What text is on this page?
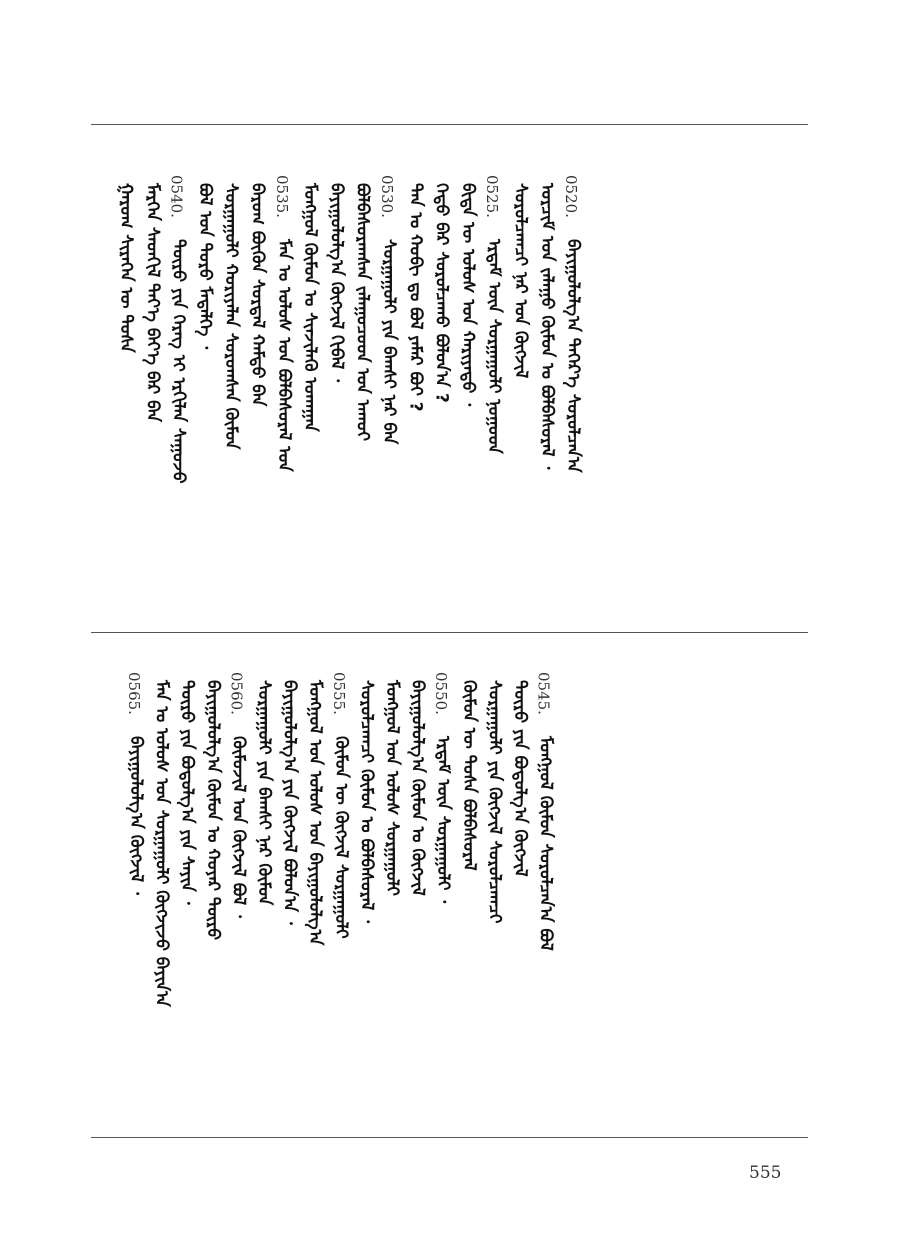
ᠭᠠᠷᠤᠭ ᠰᠢᠷᠡᠭᠡᠨ ᠦ ᠲᠤᠰᠠ ᠮᠡᠷᠭᠡᠨ ᠰᠡᠳᠬᠢᠯ ᠲᠡᠶ᠎ᠡ ᠪᠡᠶ᠎ᠡ ᠪᠡᠷ ᠪᠠᠨ ᠲᠥᠷᠥ ᠶᠢᠨ ᠬᠡᠷᠡᠭ ᠢ ᠡᠷᠬᠢᠯᠡᠨ ᠰᠠᠭᠤᠵᠤ ᠪᠣᠯ ᠤᠨ ᠳᠣᠷᠤ ᠮᠡᠳᠡᠯᠭᠡ ᠂ ᠰᠤᠷᠭᠠᠭᠤᠯᠢ ᠬᠤᠷᠢᠶᠠᠯᠠᠨ ᠰᠤᠷᠤᠭᠰᠠᠨ ᠬᠦᠮᠦᠨ ᠪᠠᠷᠤᠭ ᠪᠦᠬᠦᠨ ᠰᠤᠷᠲᠠᠯ ᠬᠠᠮᠲᠤ ᠪᠠᠨ ᠮᠠᠨ ᠤ ᠤᠯᠤᠰ ᠤᠨ ᠪᠣᠯᠪᠠᠰᠤᠷᠠᠯ ᠤᠨ ᠮᠣᠩᠭᠤᠯ ᠬᠦᠮᠦᠨ ᠤ ᠰᠢᠨᠵᠢᠯᠡᠬᠦ ᠤᠬᠠᠭᠠᠨ ᠪᠠᠶᠢᠭᠤᠯᠤᠯᠭ᠎ᠠ ᠬᠥᠭᠵᠢᠯ ᠬᠢᠪᠡᠯ ᠂ ᠪᠣᠯᠪᠠᠰᠤᠷᠠᠭᠰᠠᠨ ᠵᠠᠯᠠᠭᠤᠴᠤᠳ ᠤᠨ ᠠᠬᠤᠢ ᠰᠤᠷᠭᠠᠭᠤᠯᠢ ᠶᠢᠨ ᠪᠠᠭᠰᠢ ᠨᠠᠷ ᠪᠠᠨ ᠲᠠᠨ ᠤ ᠬᠤᠪᠢ ᠳᠤ ᠪᠣᠯ ᠶᠠᠮᠠᠷ ᠪᠤᠢ ? ᠬᠡᠳᠦ ᠪᠠᠷ ᠰᠤᠷᠤᠯᠴᠠᠬᠤ ᠪᠣᠯᠤᠨ᠎ᠠ ? ᠪᠢᠳᠡ ᠦ ᠤᠯᠤᠰ ᠤᠨ ᠬᠠᠷᠢᠶᠠᠲᠤ ᠂ ᠡᠷᠳᠡᠮ ᠦᠨ ᠰᠤᠷᠭᠠᠭᠤᠯᠢ ᠨᠤᠭᠤᠳ ᠰᠤᠷᠤᠯᠴᠠᠭᠴᠢ ᠨᠠᠷ ᠤᠨ ᠬᠥᠭᠵᠢᠯ ᠣᠷᠴᠢᠮ ᠤᠨ ᠵᠠᠯᠠᠭᠤ ᠬᠦᠮᠦᠨ ᠤ ᠪᠣᠯᠪᠠᠰᠤᠷᠠᠯ ᠂ ᠪᠠᠶᠢᠭᠤᠯᠤᠯᠭ᠎ᠠ ᠳᠡᠭᠡᠷ᠎ᠡ ᠰᠤᠷᠤᠯᠴᠠᠨ᠎ᠠ
0540.	0535.	0530.	0525.	0520.
ᠪᠠᠶᠢᠭᠤᠯᠤᠯᠭ᠎ᠠ ᠬᠥᠭᠵᠢᠯ ᠂ ᠮᠠᠨ ᠤ ᠤᠯᠤᠰ ᠤᠨ ᠰᠤᠷᠭᠠᠭᠤᠯᠢ ᠬᠥᠭᠵᠢᠵᠦ ᠪᠠᠶᠢᠨ᠎ᠠ ᠲᠥᠷᠥ ᠶᠢᠨ ᠪᠣᠳᠤᠯᠭ᠎ᠠ ᠶᠢᠨ ᠰᠠᠶᠢᠨ ᠂ ᠪᠠᠶᠢᠭᠤᠯᠤᠯᠭ᠎ᠠ ᠬᠦᠮᠦᠨ ᠤ ᠬᠣᠶᠠᠷ ᠲᠥᠷᠥ ᠬᠦᠮᠦᠵᠢᠯ ᠤᠨ ᠬᠥᠭᠵᠢᠯ ᠪᠣᠯ ᠂ ᠰᠤᠷᠭᠠᠭᠤᠯᠢ ᠶᠢᠨ ᠪᠠᠭᠰᠢ ᠨᠠᠷ ᠬᠦᠮᠦᠨ ᠪᠠᠶᠢᠭᠤᠯᠤᠯᠭ᠎ᠠ ᠶᠢᠨ ᠬᠥᠭᠵᠢᠯ ᠪᠣᠯᠤᠨ᠎ᠠ ᠂ ᠮᠣᠩᠭᠤᠯ ᠤᠨ ᠤᠯᠤᠰ ᠤᠨ ᠪᠠᠶᠢᠭᠤᠯᠤᠯᠭ᠎ᠠ ᠬᠦᠮᠦᠨ ᠦ ᠬᠥᠭᠵᠢᠯ ᠰᠤᠷᠭᠠᠭᠤᠯᠢ ᠰᠤᠷᠤᠯᠴᠠᠭᠴᠢ ᠬᠦᠮᠦᠨ ᠤ ᠪᠣᠯᠪᠠᠰᠤᠷᠠᠯ ᠂ ᠮᠣᠩᠭᠤᠯ ᠤᠨ ᠤᠯᠤᠰ ᠰᠤᠷᠭᠠᠭᠤᠯᠢ ᠪᠠᠶᠢᠭᠤᠯᠤᠯᠭ᠎ᠠ ᠬᠦᠮᠦᠨ ᠤ ᠬᠥᠭᠵᠢᠯ ᠡᠷᠳᠡᠮ ᠦᠨ ᠰᠤᠷᠭᠠᠭᠤᠯᠢ ᠂ ᠬᠦᠮᠦᠨ ᠦ ᠲᠤᠰᠠ ᠪᠣᠯᠪᠠᠰᠤᠷᠠᠯ ᠰᠤᠷᠭᠠᠭᠤᠯᠢ ᠶᠢᠨ ᠬᠥᠭᠵᠢᠯ ᠰᠤᠷᠤᠯᠴᠠᠭᠴᠢ ᠲᠥᠷᠥ ᠶᠢᠨ ᠪᠣᠳᠤᠯᠭ᠎ᠠ ᠬᠥᠭᠵᠢᠯ ᠮᠣᠩᠭᠤᠯ ᠬᠦᠮᠦᠨ ᠰᠤᠷᠤᠯᠴᠠᠨ᠎ᠠ ᠪᠣᠯ
0565.	0560.	0555.	0550.	0545.
555
